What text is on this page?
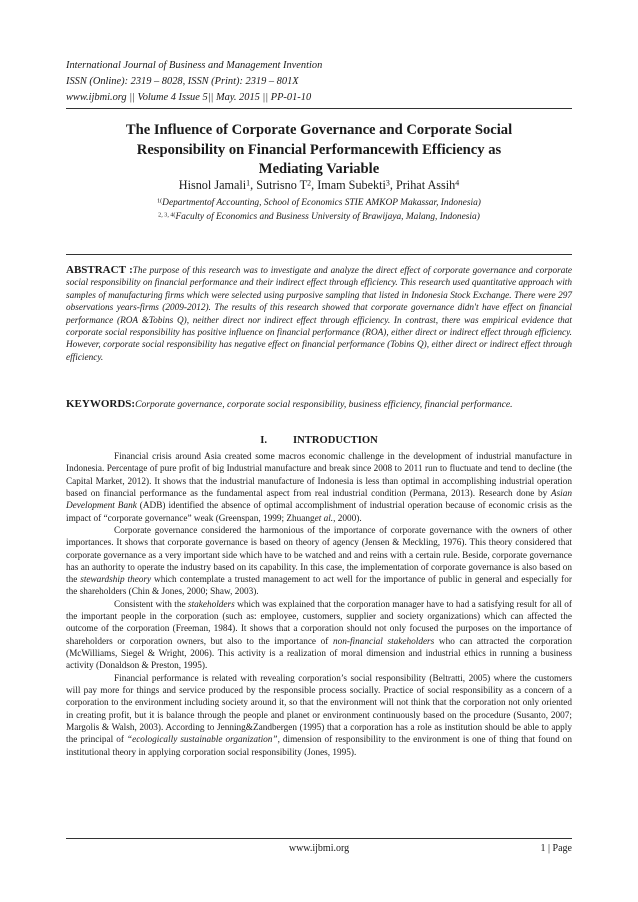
International Journal of Business and Management Invention
ISSN (Online): 2319 – 8028, ISSN (Print): 2319 – 801X
www.ijbmi.org || Volume 4 Issue 5|| May. 2015 || PP-01-10
The Influence of Corporate Governance and Corporate Social
Responsibility on Financial Performancewith Efficiency as
Mediating Variable
Hisnol Jamali$^1$, Sutrisno $T^2$, Imam Subekti$^3$, Prihat Assih$^4$
$^{1(}$Departmentof Accounting, School of Economics STIE AMKOP Makassar, Indonesia)
$^{2, 3, 4(}$Faculty of Economics and Business University of Brawijaya, Malang, Indonesia)
ABSTRACT :The purpose of this research was to investigate and analyze the direct effect of corporate governance and corporate social responsibility on financial performance and their indirect effect through efficiency. This research used quantitative approach with samples of manufacturing firms which were selected using purposive sampling that listed in Indonesia Stock Exchange. There were 297 observations years-firms (2009-2012). The results of this research showed that corporate governance didn't have effect on financial performance (ROA &Tobins Q), neither direct nor indirect effect through efficiency. In contrast, there was empirical evidence that corporate social responsibility has positive influence on financial performance (ROA), either direct or indirect effect through efficiency. However, corporate social responsibility has negative effect on financial performance (Tobins Q), either direct or indirect effect through efficiency.
KEYWORDS:Corporate governance, corporate social responsibility, business efficiency, financial performance.
I. INTRODUCTION

Financial crisis around Asia created some macros economic challenge in the development of industrial manufacture in Indonesia. Percentage of pure profit of big Industrial manufacture and break since 2008 to 2011 run to fluctuate and tend to decline (the Capital Market, 2012). It shows that the industrial manufacture of Indonesia is less than optimal in accomplishing industrial operation based on financial performance as the fundamental aspect from real industrial condition (Permana, 2013). Research done by Asian Development Bank (ADB) identified the absence of optimal accomplishment of industrial operation because of economic crisis as the impact of “corporate governance” weak (Greenspan, 1999; Zhuanget al., 2000).

Corporate governance considered the harmonious of the importance of corporate governance with the owners of other importances. It shows that corporate governance is based on theory of agency (Jensen & Meckling, 1976). This theory considered that corporate governance as a very important side which have to be watched and and reins with a certain rule. Beside, corporate governance has an authority to operate the industry based on its capability. In this case, the implementation of corporate governance is also based on the stewardship theory which contemplate a trusted management to act well for the importance of public in general and especially for the shareholders (Chin & Jones, 2000; Shaw, 2003).

Consistent with the stakeholders which was explained that the corporation manager have to had a satisfying result for all of the important people in the corporation (such as: employee, customers, supplier and society organizations) which can affected the outcome of the corporation (Freeman, 1984). It shows that a corporation should not only focused the purposes on the importance of shareholders or corporation owners, but also to the importance of non-financial stakeholders who can attracted the corporation (McWilliams, Siegel & Wright, 2006). This activity is a realization of moral dimension and industrial ethics in running a business activity (Donaldson & Preston, 1995).

Financial performance is related with revealing corporation’s social responsibility (Beltratti, 2005) where the customers will pay more for things and service produced by the responsible process socially. Practice of social responsibility as a concern of a corporation to the environment including society around it, so that the environment will not think that the corporation not only oriented in creating profit, but it is balance through the people and planet or environment continuously based on the procedure (Susanto, 2007; Margolis & Walsh, 2003). According to Jenning&Zandbergen (1995) that a corporation has a role as institution should be able to apply the principal of “ecologically sustainable organization”, dimension of responsibility to the environment is one of thing that found on institutional theory in applying corporation social responsibility (Jones, 1995).

www.ijbmi.org	1 | Page
